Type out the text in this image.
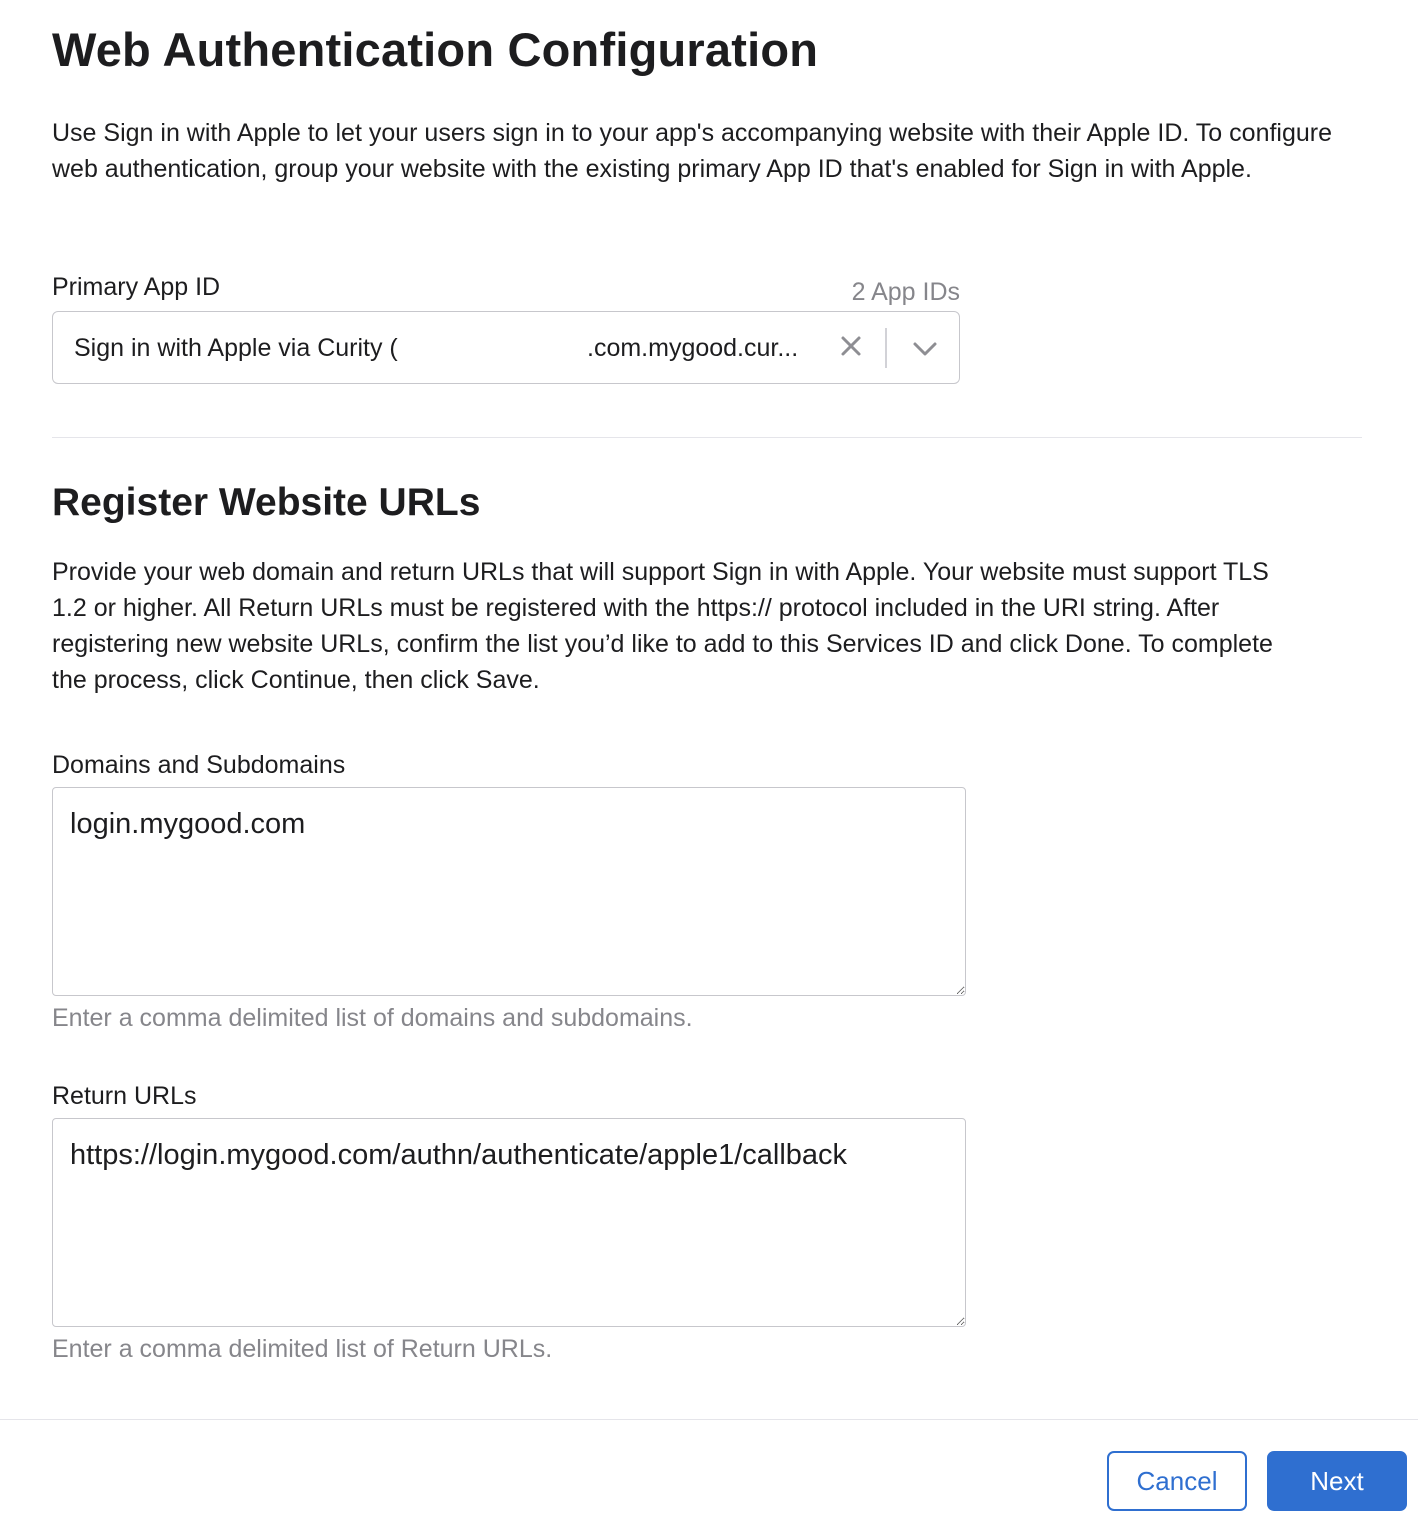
Web Authentication Configuration

Use Sign in with Apple to let your users sign in to your app's accompanying website with their Apple ID. To configure web authentication, group your website with the existing primary App ID that's enabled for Sign in with Apple.

Primary App ID	2 App IDs
Sign in with Apple via Curity (	.com.mygood.cur...
Register Website URLs

Provide your web domain and return URLs that will support Sign in with Apple. Your website must support TLS 1.2 or higher. All Return URLs must be registered with the https:// protocol included in the URI string. After registering new website URLs, confirm the list you’d like to add to this Services ID and click Done. To complete the process, click Continue, then click Save.

Domains and Subdomains
login.mygood.com

Enter a comma delimited list of domains and subdomains.

Return URLs
https://login.mygood.com/authn/authenticate/apple1/callback

Enter a comma delimited list of Return URLs.

Cancel	Next
